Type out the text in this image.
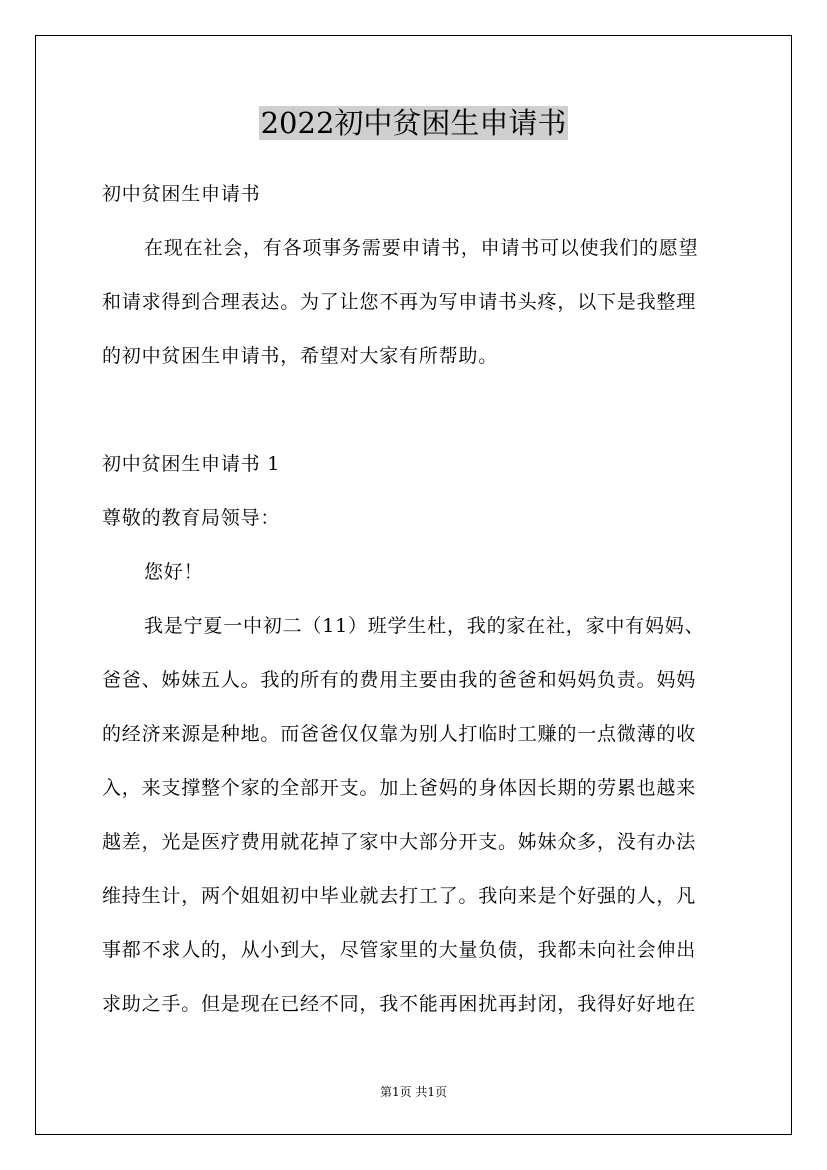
2022初中贫困生申请书
初中贫困生申请书
在现在社会，有各项事务需要申请书，申请书可以使我们的愿望
和请求得到合理表达。为了让您不再为写申请书头疼，以下是我整理
的初中贫困生申请书，希望对大家有所帮助。
初中贫困生申请书 1
尊敬的教育局领导：
您好！
我是宁夏一中初二（11）班学生杜，我的家在社，家中有妈妈、
爸爸、姊妹五人。我的所有的费用主要由我的爸爸和妈妈负责。妈妈
的经济来源是种地。而爸爸仅仅靠为别人打临时工赚的一点微薄的收
入，来支撑整个家的全部开支。加上爸妈的身体因长期的劳累也越来
越差，光是医疗费用就花掉了家中大部分开支。姊妹众多，没有办法
维持生计，两个姐姐初中毕业就去打工了。我向来是个好强的人，凡
事都不求人的，从小到大，尽管家里的大量负债，我都未向社会伸出
求助之手。但是现在已经不同，我不能再困扰再封闭，我得好好地在
第1页 共1页
